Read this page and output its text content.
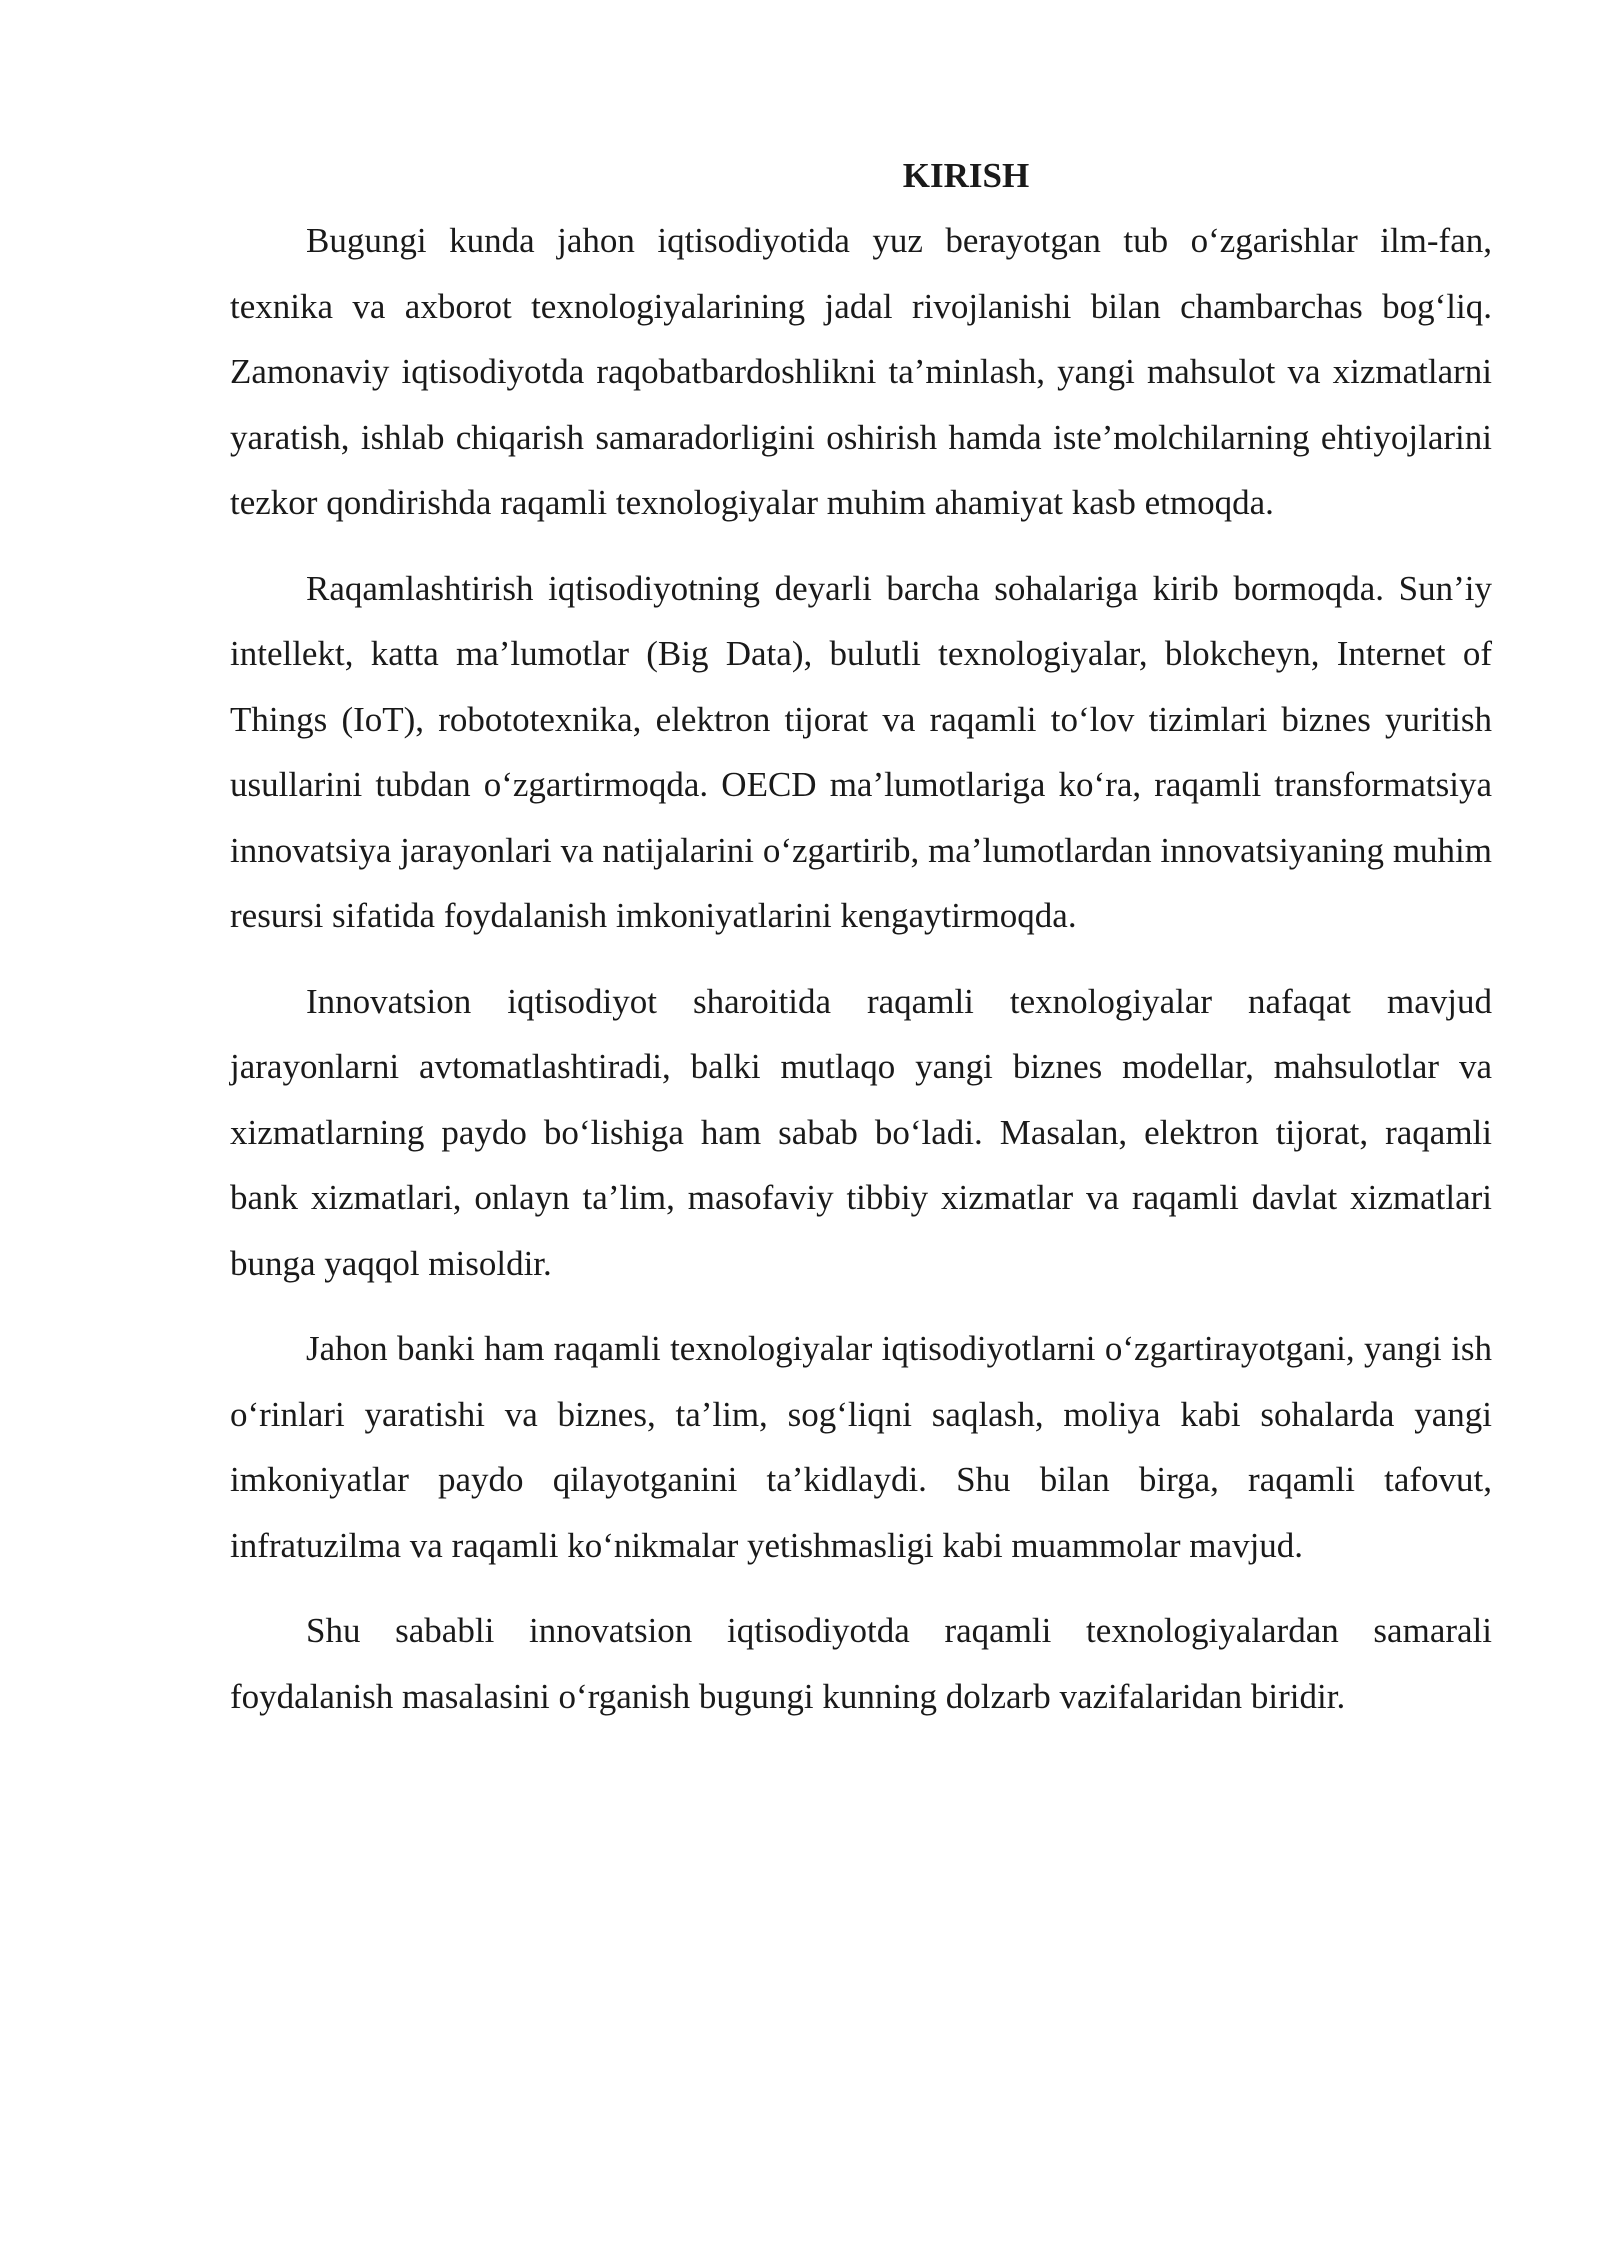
KIRISH

Bugungi kunda jahon iqtisodiyotida yuz berayotgan tub o‘zgarishlar ilm-fan, texnika va axborot texnologiyalarining jadal rivojlanishi bilan chambarchas bog‘liq. Zamonaviy iqtisodiyotda raqobatbardoshlikni ta’minlash, yangi mahsulot va xizmatlarni yaratish, ishlab chiqarish samaradorligini oshirish hamda iste’molchilarning ehtiyojlarini tezkor qondirishda raqamli texnologiyalar muhim ahamiyat kasb etmoqda.

Raqamlashtirish iqtisodiyotning deyarli barcha sohalariga kirib bormoqda. Sun’iy intellekt, katta ma’lumotlar (Big Data), bulutli texnologiyalar, blokcheyn, Internet of Things (IoT), robototexnika, elektron tijorat va raqamli to‘lov tizimlari biznes yuritish usullarini tubdan o‘zgartirmoqda. OECD ma’lumotlariga ko‘ra, raqamli transformatsiya innovatsiya jarayonlari va natijalarini o‘zgartirib, ma’lumotlardan innovatsiyaning muhim resursi sifatida foydalanish imkoniyatlarini kengaytirmoqda.

Innovatsion iqtisodiyot sharoitida raqamli texnologiyalar nafaqat mavjud jarayonlarni avtomatlashtiradi, balki mutlaqo yangi biznes modellar, mahsulotlar va xizmatlarning paydo bo‘lishiga ham sabab bo‘ladi. Masalan, elektron tijorat, raqamli bank xizmatlari, onlayn ta’lim, masofaviy tibbiy xizmatlar va raqamli davlat xizmatlari bunga yaqqol misoldir.

Jahon banki ham raqamli texnologiyalar iqtisodiyotlarni o‘zgartirayotgani, yangi ish o‘rinlari yaratishi va biznes, ta’lim, sog‘liqni saqlash, moliya kabi sohalarda yangi imkoniyatlar paydo qilayotganini ta’kidlaydi. Shu bilan birga, raqamli tafovut, infratuzilma va raqamli ko‘nikmalar yetishmasligi kabi muammolar mavjud.

Shu sababli innovatsion iqtisodiyotda raqamli texnologiyalardan samarali foydalanish masalasini o‘rganish bugungi kunning dolzarb vazifalaridan biridir.
